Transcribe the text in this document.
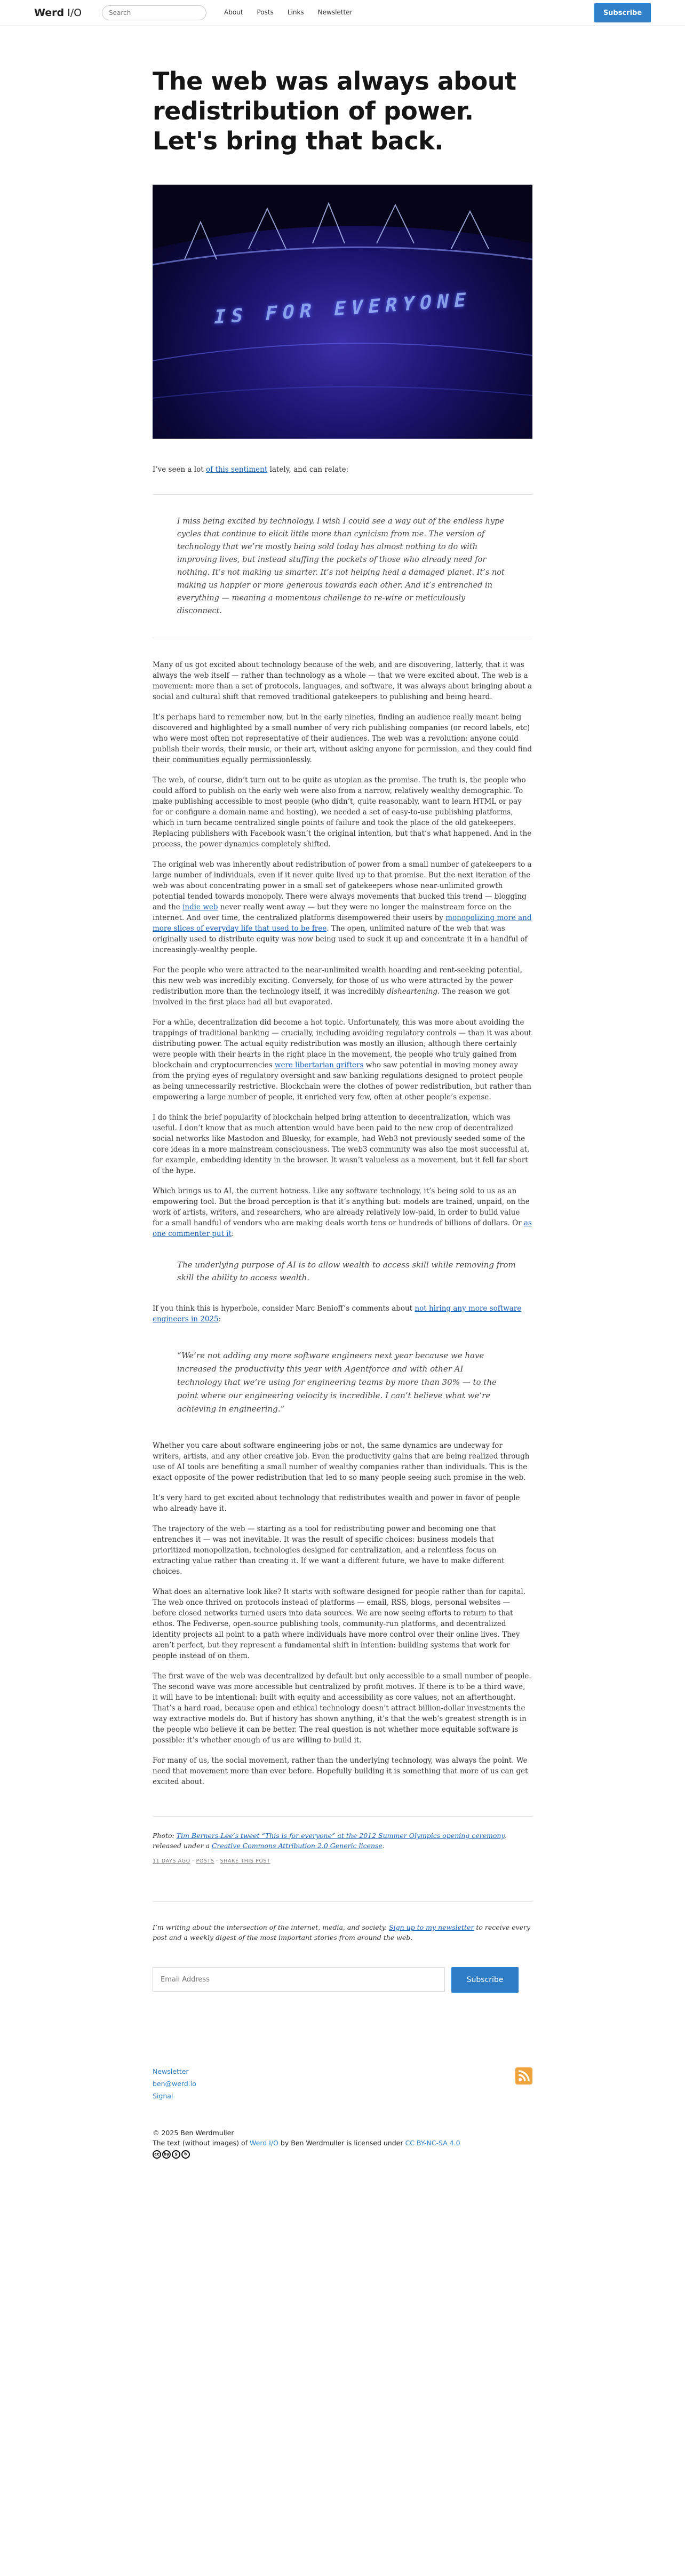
Werd I/O
Search	About Posts Links Newsletter	Subscribe
The web was always about redistribution of power. Let's bring that back.
IS FOR EVERYONE

I’ve seen a lot of this sentiment lately, and can relate:

I miss being excited by technology. I wish I could see a way out of the endless hype cycles that continue to elicit little more than cynicism from me. The version of technology that we’re mostly being sold today has almost nothing to do with improving lives, but instead stuffing the pockets of those who already need for nothing. It’s not making us smarter. It’s not helping heal a damaged planet. It’s not making us happier or more generous towards each other. And it’s entrenched in everything — meaning a momentous challenge to re-wire or meticulously disconnect.

Many of us got excited about technology because of the web, and are discovering, latterly, that it was always the web itself — rather than technology as a whole — that we were excited about. The web is a movement: more than a set of protocols, languages, and software, it was always about bringing about a social and cultural shift that removed traditional gatekeepers to publishing and being heard.

It’s perhaps hard to remember now, but in the early nineties, finding an audience really meant being discovered and highlighted by a small number of very rich publishing companies (or record labels, etc) who were most often not representative of their audiences. The web was a revolution: anyone could publish their words, their music, or their art, without asking anyone for permission, and they could find their communities equally permissionlessly.

The web, of course, didn’t turn out to be quite as utopian as the promise. The truth is, the people who could afford to publish on the early web were also from a narrow, relatively wealthy demographic. To make publishing accessible to most people (who didn’t, quite reasonably, want to learn HTML or pay for or configure a domain name and hosting), we needed a set of easy-to-use publishing platforms, which in turn became centralized single points of failure and took the place of the old gatekeepers. Replacing publishers with Facebook wasn’t the original intention, but that’s what happened. And in the process, the power dynamics completely shifted.

The original web was inherently about redistribution of power from a small number of gatekeepers to a large number of individuals, even if it never quite lived up to that promise. But the next iteration of the web was about concentrating power in a small set of gatekeepers whose near-unlimited growth potential tended towards monopoly. There were always movements that bucked this trend — blogging and the indie web never really went away — but they were no longer the mainstream force on the internet. And over time, the centralized platforms disempowered their users by monopolizing more and more slices of everyday life that used to be free. The open, unlimited nature of the web that was originally used to distribute equity was now being used to suck it up and concentrate it in a handful of increasingly-wealthy people.

For the people who were attracted to the near-unlimited wealth hoarding and rent-seeking potential, this new web was incredibly exciting. Conversely, for those of us who were attracted by the power redistribution more than the technology itself, it was incredibly disheartening. The reason we got involved in the first place had all but evaporated.

For a while, decentralization did become a hot topic. Unfortunately, this was more about avoiding the trappings of traditional banking — crucially, including avoiding regulatory controls — than it was about distributing power. The actual equity redistribution was mostly an illusion; although there certainly were people with their hearts in the right place in the movement, the people who truly gained from blockchain and cryptocurrencies were libertarian grifters who saw potential in moving money away from the prying eyes of regulatory oversight and saw banking regulations designed to protect people as being unnecessarily restrictive. Blockchain were the clothes of power redistribution, but rather than empowering a large number of people, it enriched very few, often at other people’s expense.

I do think the brief popularity of blockchain helped bring attention to decentralization, which was useful. I don’t know that as much attention would have been paid to the new crop of decentralized social networks like Mastodon and Bluesky, for example, had Web3 not previously seeded some of the core ideas in a more mainstream consciousness. The web3 community was also the most successful at, for example, embedding identity in the browser. It wasn’t valueless as a movement, but it fell far short of the hype.

Which brings us to AI, the current hotness. Like any software technology, it’s being sold to us as an empowering tool. But the broad perception is that it’s anything but: models are trained, unpaid, on the work of artists, writers, and researchers, who are already relatively low-paid, in order to build value for a small handful of vendors who are making deals worth tens or hundreds of billions of dollars. Or as one commenter put it:

The underlying purpose of AI is to allow wealth to access skill while removing from skill the ability to access wealth.

If you think this is hyperbole, consider Marc Benioff’s comments about not hiring any more software engineers in 2025:

“We’re not adding any more software engineers next year because we have increased the productivity this year with Agentforce and with other AI technology that we’re using for engineering teams by more than 30% — to the point where our engineering velocity is incredible. I can’t believe what we’re achieving in engineering.”

Whether you care about software engineering jobs or not, the same dynamics are underway for writers, artists, and any other creative job. Even the productivity gains that are being realized through use of AI tools are benefiting a small number of wealthy companies rather than individuals. This is the exact opposite of the power redistribution that led to so many people seeing such promise in the web.

It’s very hard to get excited about technology that redistributes wealth and power in favor of people who already have it.

The trajectory of the web — starting as a tool for redistributing power and becoming one that entrenches it — was not inevitable. It was the result of specific choices: business models that prioritized monopolization, technologies designed for centralization, and a relentless focus on extracting value rather than creating it. If we want a different future, we have to make different choices.

What does an alternative look like? It starts with software designed for people rather than for capital. The web once thrived on protocols instead of platforms — email, RSS, blogs, personal websites — before closed networks turned users into data sources. We are now seeing efforts to return to that ethos. The Fediverse, open-source publishing tools, community-run platforms, and decentralized identity projects all point to a path where individuals have more control over their online lives. They aren’t perfect, but they represent a fundamental shift in intention: building systems that work for people instead of on them.

The first wave of the web was decentralized by default but only accessible to a small number of people. The second wave was more accessible but centralized by profit motives. If there is to be a third wave, it will have to be intentional: built with equity and accessibility as core values, not an afterthought. That’s a hard road, because open and ethical technology doesn’t attract billion-dollar investments the way extractive models do. But if history has shown anything, it’s that the web’s greatest strength is in the people who believe it can be better. The real question is not whether more equitable software is possible: it’s whether enough of us are willing to build it.

For many of us, the social movement, rather than the underlying technology, was always the point. We need that movement more than ever before. Hopefully building it is something that more of us can get excited about.

Photo: Tim Berners-Lee’s tweet “This is for everyone” at the 2012 Summer Olympics opening ceremony, released under a Creative Commons Attribution 2.0 Generic license.
11 DAYS AGO · POSTS · SHARE THIS POST
I’m writing about the intersection of the internet, media, and society. Sign up to my newsletter to receive every post and a weekly digest of the most important stories from around the web.
Email Address
Subscribe
Newsletter
ben@werd.io
Signal
© 2025 Ben Werdmuller
The text (without images) of Werd I/O by Ben Werdmuller is licensed under CC BY-NC-SA 4.0
cc by	$	↻
